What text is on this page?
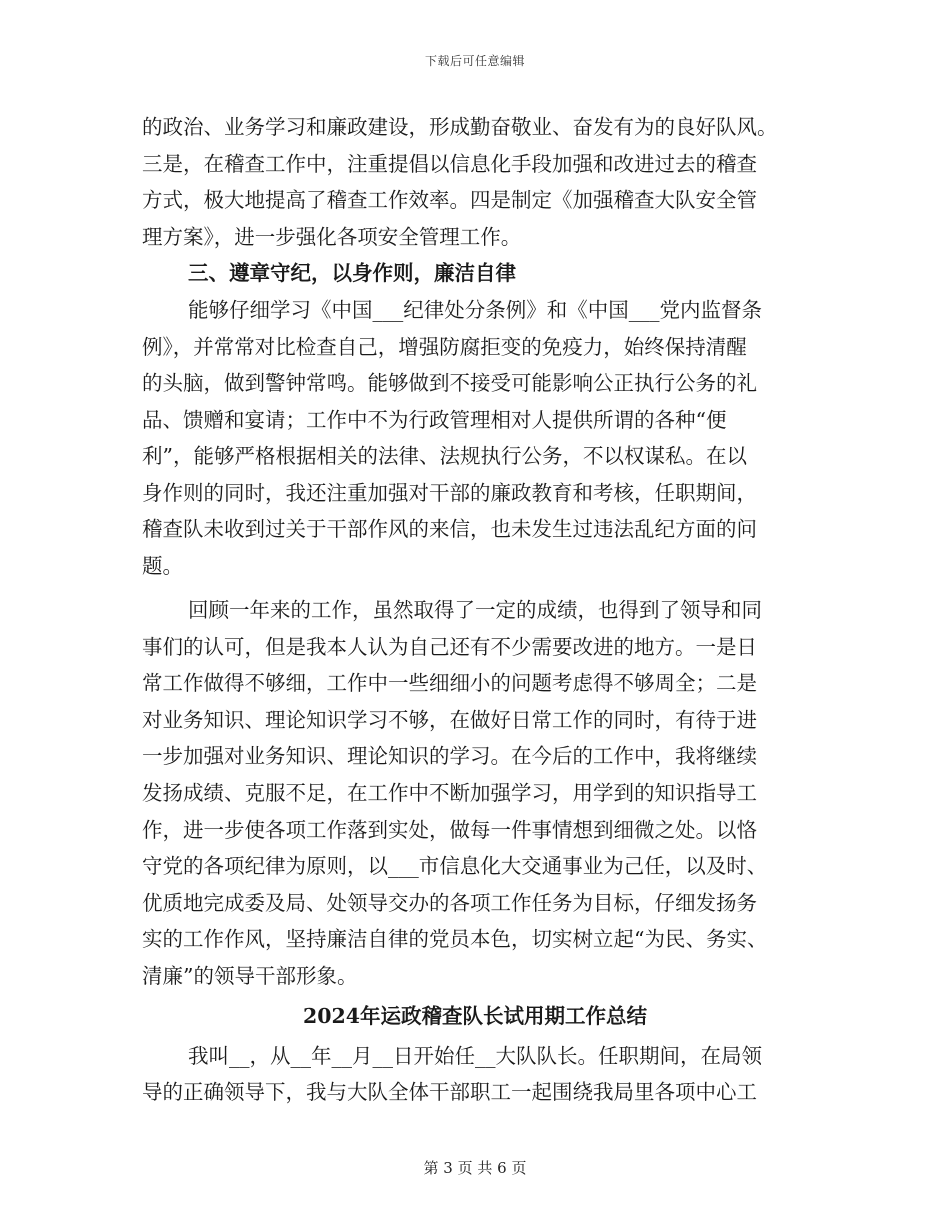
下载后可任意编辑
的政治、业务学习和廉政建设，形成勤奋敬业、奋发有为的良好队风。
三是，在稽查工作中，注重提倡以信息化手段加强和改进过去的稽查
方式，极大地提高了稽查工作效率。四是制定《加强稽查大队安全管
理方案》，进一步强化各项安全管理工作。
三、遵章守纪，以身作则，廉洁自律
能够仔细学习《中国___纪律处分条例》和《中国___党内监督条
例》，并常常对比检查自己，增强防腐拒变的免疫力，始终保持清醒
的头脑，做到警钟常鸣。能够做到不接受可能影响公正执行公务的礼
品、馈赠和宴请；工作中不为行政管理相对人提供所谓的各种“便
利”，能够严格根据相关的法律、法规执行公务，不以权谋私。在以
身作则的同时，我还注重加强对干部的廉政教育和考核，任职期间，
稽查队未收到过关于干部作风的来信，也未发生过违法乱纪方面的问
题。
回顾一年来的工作，虽然取得了一定的成绩，也得到了领导和同
事们的认可，但是我本人认为自己还有不少需要改进的地方。一是日
常工作做得不够细，工作中一些细细小的问题考虑得不够周全；二是
对业务知识、理论知识学习不够，在做好日常工作的同时，有待于进
一步加强对业务知识、理论知识的学习。在今后的工作中，我将继续
发扬成绩、克服不足，在工作中不断加强学习，用学到的知识指导工
作，进一步使各项工作落到实处，做每一件事情想到细微之处。以恪
守党的各项纪律为原则，以___市信息化大交通事业为己任，以及时、
优质地完成委及局、处领导交办的各项工作任务为目标，仔细发扬务
实的工作作风，坚持廉洁自律的党员本色，切实树立起“为民、务实、
清廉”的领导干部形象。
2024年运政稽查队长试用期工作总结
我叫__，从__年__月__日开始任__大队队长。任职期间，在局领
导的正确领导下，我与大队全体干部职工一起围绕我局里各项中心工
第 3 页 共 6 页
